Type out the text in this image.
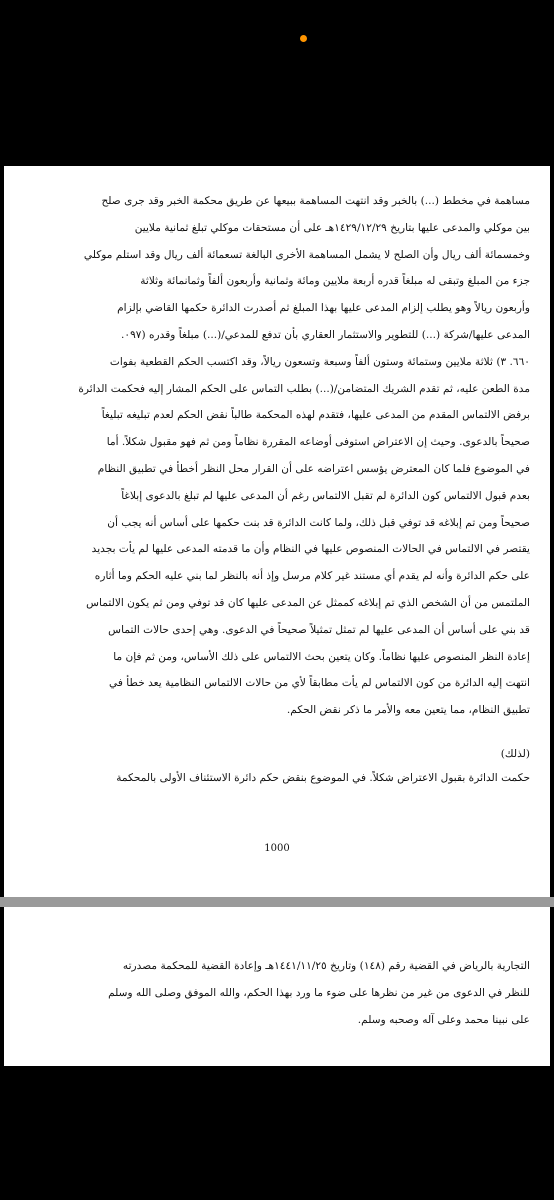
مساهمة في مخطط (...) بالخبر وقد انتهت المساهمة ببيعها عن طريق محكمة الخبر وقد جرى صلح
بين موكلي والمدعى عليها بتاريخ ١٤٢٩/١٢/٢٩هـ على أن مستحقات موكلي تبلغ ثمانية ملايين
وخمسمائة ألف ريال وأن الصلح لا يشمل المساهمة الأخرى البالغة تسعمائة ألف ريال وقد استلم موكلي
جزء من المبلغ وتبقى له مبلغاً قدره أربعة ملايين ومائة وثمانية وأربعون ألفاً وثمانمائة وثلاثة
وأربعون ريالاً وهو يطلب إلزام المدعى عليها بهذا المبلغ ثم أصدرت الدائرة حكمها القاضي بإلزام
المدعى عليها/شركة (...) للتطوير والاستثمار العقاري بأن تدفع للمدعي/(...) مبلغاً وقدره (٠٩٧.
٦٦٠. ٣) ثلاثة ملايين وستمائة وستون ألفاً وسبعة وتسعون ريالاً، وقد اكتسب الحكم القطعية بفوات
مدة الطعن عليه، ثم تقدم الشريك المتضامن/(...) بطلب التماس على الحكم المشار إليه فحكمت الدائرة
برفض الالتماس المقدم من المدعى عليها، فتقدم لهذه المحكمة طالباً نقض الحكم لعدم تبليغه تبليغاً
صحيحاً بالدعوى. وحيث إن الاعتراض استوفى أوضاعه المقررة نظاماً ومن ثم فهو مقبول شكلاً. أما
في الموضوع فلما كان المعترض يؤسس اعتراضه على أن القرار محل النظر أخطأ في تطبيق النظام
بعدم قبول الالتماس كون الدائرة لم تقبل الالتماس رغم أن المدعى عليها لم تبلغ بالدعوى إبلاغاً
صحيحاً ومن تم إبلاغه قد توفي قبل ذلك، ولما كانت الدائرة قد بنت حكمها على أساس أنه يجب أن
يقتصر في الالتماس في الحالات المنصوص عليها في النظام وأن ما قدمته المدعى عليها لم يأت بجديد
على حكم الدائرة وأنه لم يقدم أي مستند غير كلام مرسل وإذ أنه بالنظر لما بني عليه الحكم وما أثاره
الملتمس من أن الشخص الذي تم إبلاغه كممثل عن المدعى عليها كان قد توفي ومن ثم يكون الالتماس
قد بني على أساس أن المدعى عليها لم تمثل تمثيلاً صحيحاً في الدعوى. وهي إحدى حالات التماس
إعادة النظر المنصوص عليها نظاماً. وكان يتعين بحث الالتماس على ذلك الأساس، ومن ثم فإن ما
انتهت إليه الدائرة من كون الالتماس لم يأت مطابقاً لأي من حالات الالتماس النظامية يعد خطأ في
تطبيق النظام، مما يتعين معه والأمر ما ذكر نقض الحكم.

(لذلك)

حكمت الدائرة بقبول الاعتراض شكلاً. في الموضوع بنقض حكم دائرة الاستئناف الأولى بالمحكمة

1000
التجارية بالرياض في القضية رقم (١٤٨) وتاريخ ١٤٤١/١١/٢٥هـ وإعادة القضية للمحكمة مصدرته
للنظر في الدعوى من غير من نظرها على ضوء ما ورد بهذا الحكم، والله الموفق وصلى الله وسلم
على نبينا محمد وعلى آله وصحبه وسلم.
